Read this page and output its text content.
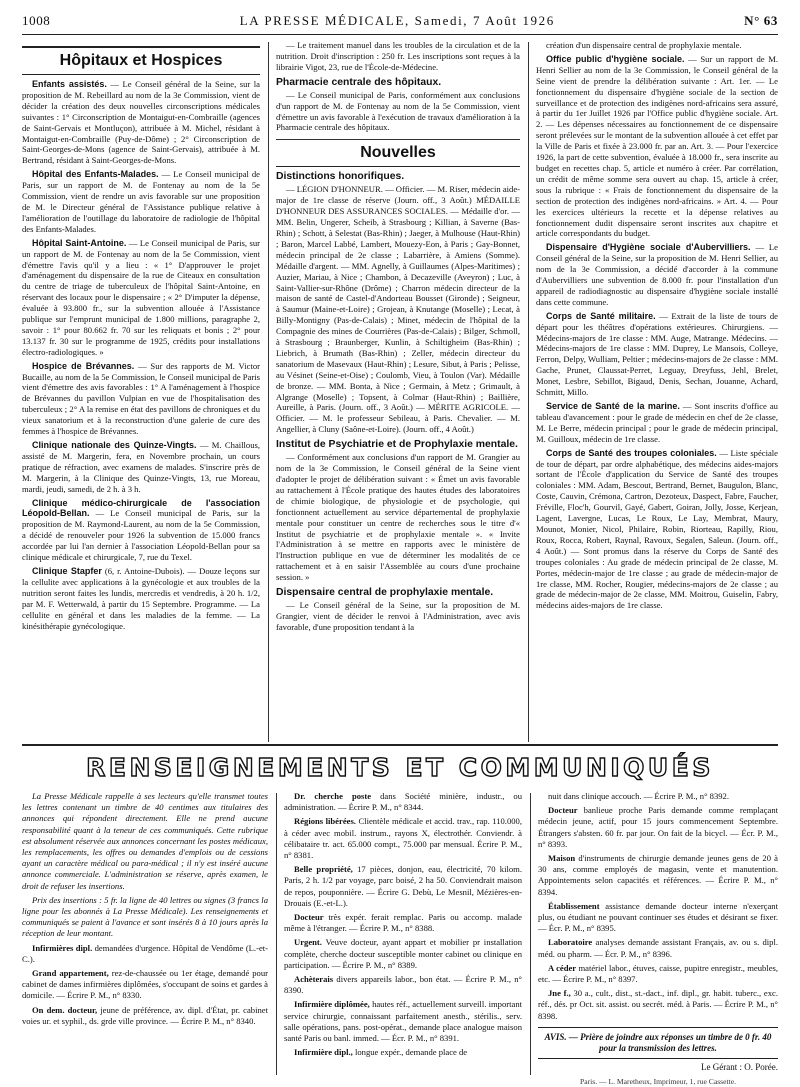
1008	LA PRESSE MÉDICALE, Samedi, 7 Août 1926	N° 63
Hôpitaux et Hospices

Enfants assistés. — Le Conseil général de la Seine, sur la proposition de M. Rebeillard au nom de la 3e Commission, vient de décider la création des deux nouvelles circonscriptions médicales suivantes : 1° Circonscription de Montaigut-en-Combraille (agences de Saint-Gervais et Montluçon), attribuée à M. Michel, résidant à Montaigut-en-Combraille (Puy-de-Dôme) ; 2° Circonscription de Saint-Georges-de-Mons (agence de Saint-Gervais), attribuée à M. Bertrand, résidant à Saint-Georges-de-Mons.

Hôpital des Enfants-Malades. — Le Conseil municipal de Paris, sur un rapport de M. de Fontenay au nom de la 5e Commission, vient de rendre un avis favorable sur une proposition de M. le Directeur général de l'Assistance publique relative à l'amélioration de l'outillage du laboratoire de radiologie de l'hôpital des Enfants-Malades.

Hôpital Saint-Antoine. — Le Conseil municipal de Paris, sur un rapport de M. de Fontenay au nom de la 5e Commission, vient d'émettre l'avis qu'il y a lieu : « 1° D'approuver le projet d'aménagement du dispensaire de la rue de Citeaux en consultation du centre de triage de tuberculeux de l'hôpital Saint-Antoine, en réservant des locaux pour le dispensaire ; « 2° D'imputer la dépense, évaluée à 93.800 fr., sur la subvention allouée à l'Assistance publique sur l'emprunt municipal de 1.800 millions, paragraphe 2, savoir : 1° pour 80.662 fr. 70 sur les reliquats et bonis ; 2° pour 13.137 fr. 30 sur le programme de 1925, crédits pour installations électro-radiologiques. »

Hospice de Brévannes. — Sur des rapports de M. Victor Bucaille, au nom de la 5e Commission, le Conseil municipal de Paris vient d'émettre des avis favorables : 1° A l'aménagement à l'hospice de Brévannes du pavillon Vulpian en vue de l'hospitalisation des tuberculeux ; 2° A la remise en état des pavillons de chroniques et du vieux sanatorium et à la reconstruction d'une galerie de cure des femmes à l'hospice de Brévannes.

Clinique nationale des Quinze-Vingts. — M. Chaillous, assisté de M. Margerin, fera, en Novembre prochain, un cours pratique de réfraction, avec examens de malades. S'inscrire près de M. Margerin, à la Clinique des Quinze-Vingts, 13, rue Moreau, mardi, jeudi, samedi, de 2 h. à 3 h.

Clinique médico-chirurgicale de l'association Léopold-Bellan. — Le Conseil municipal de Paris, sur la proposition de M. Raymond-Laurent, au nom de la 5e Commission, a décidé de renouveler pour 1926 la subvention de 15.000 francs accordée par lui l'an dernier à l'association Léopold-Bellan pour sa clinique médicale et chirurgicale, 7, rue du Texel.

Clinique Stapfer (6, r. Antoine-Dubois). — Douze leçons sur la cellulite avec applications à la gynécologie et aux troubles de la nutrition seront faites les lundis, mercredis et vendredis, à 20 h. 1/2, par M. F. Wetterwald, à partir du 15 Septembre. Programme. — La cellulite en général et dans les maladies de la femme. — La kinésithérapie gynécologique.

— Le traitement manuel dans les troubles de la circulation et de la nutrition. Droit d'inscription : 250 fr. Les inscriptions sont reçues à la librairie Vigot, 23, rue de l'École-de-Médecine.

Pharmacie centrale des hôpitaux.

— Le Conseil municipal de Paris, conformément aux conclusions d'un rapport de M. de Fontenay au nom de la 5e Commission, vient d'émettre un avis favorable à l'exécution de travaux d'amélioration à la Pharmacie centrale des hôpitaux.

Nouvelles
Distinctions honorifiques.

— LÉGION D'HONNEUR. — Officier. — M. Riser, médecin aide-major de 1re classe de réserve (Journ. off., 3 Août.) MÉDAILLE D'HONNEUR DES ASSURANCES SOCIALES. — Médaille d'or. — MM. Belin, Ungerer, Scheib, à Strasbourg ; Killian, à Saverne (Bas-Rhin) ; Schott, à Selestat (Bas-Rhin) ; Jaeger, à Mulhouse (Haut-Rhin) ; Baron, Marcel Labbé, Lambert, Mouezy-Eon, à Paris ; Gay-Bonnet, médecin principal de 2e classe ; Labarrière, à Amiens (Somme). Médaille d'argent. — MM. Agnelly, à Guillaumes (Alpes-Maritimes) ; Auzier, Mariau, à Nice ; Chambon, à Decazeville (Aveyron) ; Luc, à Saint-Vallier-sur-Rhône (Drôme) ; Charron médecin directeur de la maison de santé de Castel-d'Andorteau Bousset (Gironde) ; Seigneur, à Saumur (Maine-et-Loire) ; Grojean, à Knutange (Moselle) ; Lecat, à Billy-Montigny (Pas-de-Calais) ; Minet, médecin de l'hôpital de la Compagnie des mines de Courrières (Pas-de-Calais) ; Bilger, Schmoll, à Strasbourg ; Braunberger, Kunlin, à Schiltigheim (Bas-Rhin) ; Liebrich, à Brumath (Bas-Rhin) ; Zeller, médecin directeur du sanatorium de Masevaux (Haut-Rhin) ; Lesure, Sibut, à Paris ; Pelisse, au Vésinet (Seine-et-Oise) ; Coulomb, Vieu, à Toulon (Var). Médaille de bronze. — MM. Bonta, à Nice ; Germain, à Metz ; Grimault, à Algrange (Moselle) ; Topsent, à Colmar (Haut-Rhin) ; Baillière, Aureille, à Paris. (Journ. off., 3 Août.) — MÉRITE AGRICOLE. — Officier. — M. le professeur Sebileau, à Paris. Chevalier. — M. Angellier, à Cluny (Saône-et-Loire). (Journ. off., 4 Août.)

Institut de Psychiatrie et de Prophylaxie mentale.

— Conformément aux conclusions d'un rapport de M. Grangier au nom de la 3e Commission, le Conseil général de la Seine vient d'adopter le projet de délibération suivant : « Émet un avis favorable au rattachement à l'École pratique des hautes études des laboratoires de chimie biologique, de physiologie et de psychologie, qui fonctionnent actuellement au service départemental de prophylaxie mentale pour constituer un centre de recherches sous le titre d'« Institut de psychiatrie et de prophylaxie mentale ». « Invite l'Administration à se mettre en rapports avec le ministère de l'Instruction publique en vue de déterminer les modalités de ce rattachement et à en saisir l'Assemblée au cours d'une prochaine session. »

Dispensaire central de prophylaxie mentale.

— Le Conseil général de la Seine, sur la proposition de M. Grangier, vient de décider le renvoi à l'Administration, avec avis favorable, d'une proposition tendant à la

création d'un dispensaire central de prophylaxie mentale.

Office public d'hygiène sociale. — Sur un rapport de M. Henri Sellier au nom de la 3e Commission, le Conseil général de la Seine vient de prendre la délibération suivante : Art. 1er. — Le fonctionnement du dispensaire d'hygiène sociale de la section de surveillance et de protection des indigènes nord-africains sera assuré, à partir du 1er Juillet 1926 par l'Office public d'hygiène sociale. Art. 2. — Les dépenses nécessaires au fonctionnement de ce dispensaire seront prélevées sur le montant de la subvention allouée à cet effet par la Ville de Paris et fixée à 23.000 fr. par an. Art. 3. — Pour l'exercice 1926, la part de cette subvention, évaluée à 18.000 fr., sera inscrite au budget en recettes chap. 5, article et numéro à créer. Par corrélation, un crédit de même somme sera ouvert au chap. 15, article à créer, sous la rubrique : « Frais de fonctionnement du dispensaire de la section de protection des indigènes nord-africains. » Art. 4. — Pour les exercices ultérieurs la recette et la dépense relatives au fonctionnement dudit dispensaire seront inscrites aux chapitre et article correspondants du budget.

Dispensaire d'Hygiène sociale d'Aubervilliers. — Le Conseil général de la Seine, sur la proposition de M. Henri Sellier, au nom de la 3e Commission, a décidé d'accorder à la commune d'Aubervilliers une subvention de 8.000 fr. pour l'installation d'un appareil de radiodiagnostic au dispensaire d'hygiène sociale installé dans cette commune.

Corps de Santé militaire. — Extrait de la liste de tours de départ pour les théâtres d'opérations extérieures. Chirurgiens. — Médecins-majors de 1re classe : MM. Auge, Matrange. Médecins. — Médecins-majors de 1re classe : MM. Duprey, Le Mansois, Colleye, Ferron, Delpy, Wulliam, Peltier ; médecins-majors de 2e classe : MM. Gache, Prunet, Claussat-Perret, Leguay, Dreyfuss, Jehl, Brelet, Monet, Lesbre, Sebillot, Bigaud, Denis, Sechan, Jouanne, Achard, Schmitt, Millo.

Service de Santé de la marine. — Sont inscrits d'office au tableau d'avancement : pour le grade de médecin en chef de 2e classe, M. Le Berre, médecin principal ; pour le grade de médecin principal, M. Guilloux, médecin de 1re classe.

Corps de Santé des troupes coloniales. — Liste spéciale de tour de départ, par ordre alphabétique, des médecins aides-majors sortant de l'École d'application du Service de Santé des troupes coloniales : MM. Adam, Bescout, Bertrand, Bernet, Baugulon, Blanc, Coste, Cauvin, Crémona, Cartron, Dezoteux, Daspect, Fabre, Faucher, Fréville, Floc'h, Gourvil, Gayé, Gabert, Goiran, Jolly, Josse, Kerjean, Lagent, Lavergne, Lucas, Le Roux, Le Lay, Membrat, Maury, Mounot, Monier, Nicol, Philaire, Robin, Riorteau, Rapilly, Riou, Roux, Rocca, Robert, Raynal, Ravoux, Segalen, Saleun. (Journ. off., 4 Août.) — Sont promus dans la réserve du Corps de Santé des troupes coloniales : Au grade de médecin principal de 2e classe, M. Portes, médecin-major de 1re classe ; au grade de médecin-major de 1re classe, MM. Rocher, Rougier, médecins-majors de 2e classe ; au grade de médecin-major de 2e classe, MM. Moitrou, Guiselin, Fabry, médecins aides-majors de 1re classe.

RENSEIGNEMENTS ET COMMUNIQUÉS

La Presse Médicale rappelle à ses lecteurs qu'elle transmet toutes les lettres contenant un timbre de 40 centimes aux titulaires des annonces qui répondent directement. Elle ne prend aucune responsabilité quant à la teneur de ces communiqués. Cette rubrique est absolument réservée aux annonces concernant les postes médicaux, les remplacements, les offres ou demandes d'emplois ou de cessions ayant un caractère médical ou para-médical ; il n'y est inséré aucune annonce commerciale. L'administration se réserve, après examen, le droit de refuser les insertions.

Prix des insertions : 5 fr. la ligne de 40 lettres ou signes (3 francs la ligne pour les abonnés à La Presse Médicale). Les renseignements et communiqués se paient à l'avance et sont insérés 8 à 10 jours après la réception de leur montant.

Infirmières dipl. demandées d'urgence. Hôpital de Vendôme (L.-et-C.).

Grand appartement, rez-de-chaussée ou 1er étage, demandé pour cabinet de dames infirmières diplômées, s'occupant de soins et gardes à domicile. — Écrire P. M., n° 8330.

On dem. docteur, jeune de préférence, av. dipl. d'État, pr. cabinet voies ur. et syphil., ds. grde ville province. — Écrire P. M., n° 8340.

Dr. cherche poste dans Société minière, industr., ou administration. — Écrire P. M., n° 8344.

Régions libérées. Clientèle médicale et accid. trav., rap. 110.000, à céder avec mobil. instrum., rayons X, électrothér. Conviendr. à célibataire tr. act. 65.000 compt., 75.000 par mensual. Écrire P. M., n° 8381.

Belle propriété, 17 pièces, donjon, eau, électricité, 70 kilom. Paris, 2 h. 1/2 par voyage, parc boisé, 2 ha 50. Conviendrait maison de repos, pouponnière. — Écrire G. Debù, Le Mesnil, Mézières-en-Drouais (E.-et-L.).

Docteur très expér. ferait remplac. Paris ou accomp. malade même à l'étranger. — Écrire P. M., n° 8388.

Urgent. Veuve docteur, ayant appart et mobilier pr installation complète, cherche docteur susceptible monter cabinet ou clinique en participation. — Écrire P. M., n° 8389.

Achèterais divers appareils labor., bon état. — Écrire P. M., n° 8390.

Infirmière diplômée, hautes réf., actuellement surveill. important service chirurgie, connaissant parfaitement anesth., stérilis., serv. salle opérations, pans. post-opérat., demande place analogue maison santé Paris ou banl. immed. — Écr. P. M., n° 8391.

Infirmière dipl., longue expér., demande place de

nuit dans clinique accouch. — Écrire P. M., n° 8392.

Docteur banlieue proche Paris demande comme remplaçant médecin jeune, actif, pour 15 jours commencement Septembre. Étrangers s'absten. 60 fr. par jour. On fait de la bicycl. — Écr. P. M., n° 8393.

Maison d'instruments de chirurgie demande jeunes gens de 20 à 30 ans, comme employés de magasin, vente et manutention. Appointements selon capacités et références. — Écrire P. M., n° 8394.

Établissement assistance demande docteur interne n'exerçant plus, ou étudiant ne pouvant continuer ses études et désirant se fixer. — Écr. P. M., n° 8395.

Laboratoire analyses demande assistant Français, av. ou s. dipl. méd. ou pharm. — Écr. P. M., n° 8396.

A céder matériel labor., étuves, caisse, pupitre enregistr., meubles, etc. — Écrire P. M., n° 8397.

Jne f., 30 a., cult., dist., st.-dact., inf. dipl., gr. habit. tuberc., exc. réf., dés. pr Oct. sit. assist. ou secrét. méd. à Paris. — Écrire P. M., n° 8398.

AVIS. — Prière de joindre aux réponses un timbre de 0 fr. 40 pour la transmission des lettres.
Le Gérant : O. Porée.
Paris. — L. Maretheux, Imprimeur, 1, rue Cassette.
